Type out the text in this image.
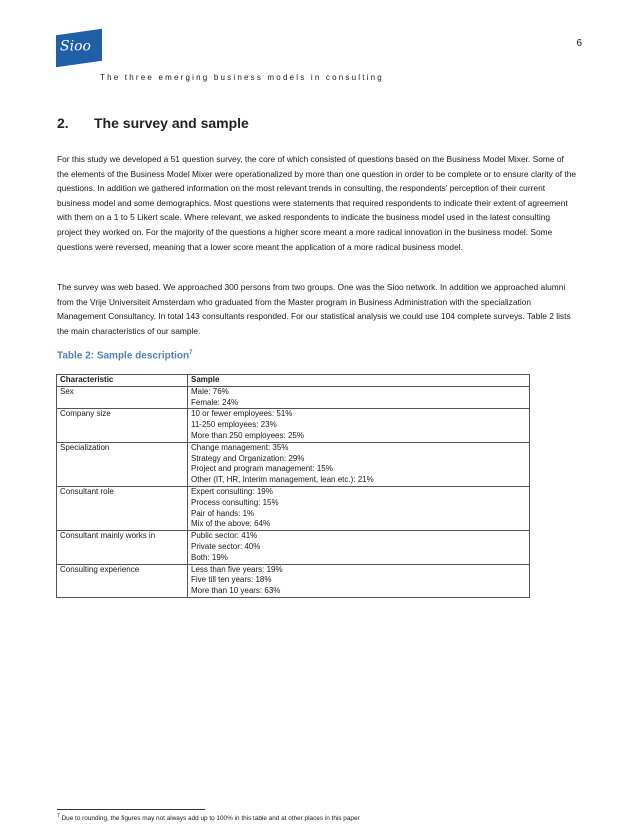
Sioo	6
The three emerging business models in consulting
2. The survey and sample

For this study we developed a 51 question survey, the core of which consisted of questions based on the Business Model Mixer. Some of the elements of the Business Model Mixer were operationalized by more than one question in order to be complete or to ensure clarity of the questions. In addition we gathered information on the most relevant trends in consulting, the respondents’ perception of their current business model and some demographics. Most questions were statements that required respondents to indicate their extent of agreement with them on a 1 to 5 Likert scale. Where relevant, we asked respondents to indicate the business model used in the latest consulting project they worked on. For the majority of the questions a higher score meant a more radical innovation in the business model. Some questions were reversed, meaning that a lower score meant the application of a more radical business model.

The survey was web based. We approached 300 persons from two groups. One was the Sioo network. In addition we approached alumni from the Vrije Universiteit Amsterdam who graduated from the Master program in Business Administration with the specialization Management Consultancy. In total 143 consultants responded. For our statistical analysis we could use 104 complete surveys. Table 2 lists the main characteristics of our sample.

Table 2: Sample description$^7$
Characteristic	Sample
Sex	Male: 76%
Female: 24%

Company size	10 or fewer employees: 51%
11-250 employees: 23%
More than 250 employees: 25%

Specialization	Change management: 35%
Strategy and Organization: 29%
Project and program management: 15%
Other (IT, HR, Interim management, lean etc.): 21%

Consultant role	Expert consulting: 19%
Process consulting: 15%
Pair of hands: 1%
Mix of the above: 64%

Consultant mainly works in	Public sector: 41%
Private sector: 40%
Both: 19%

Consulting experience	Less than five years: 19%
Five till ten years: 18%
More than 10 years: 63%
$^7$ Due to rounding, the figures may not always add up to 100% in this table and at other places in this paper
